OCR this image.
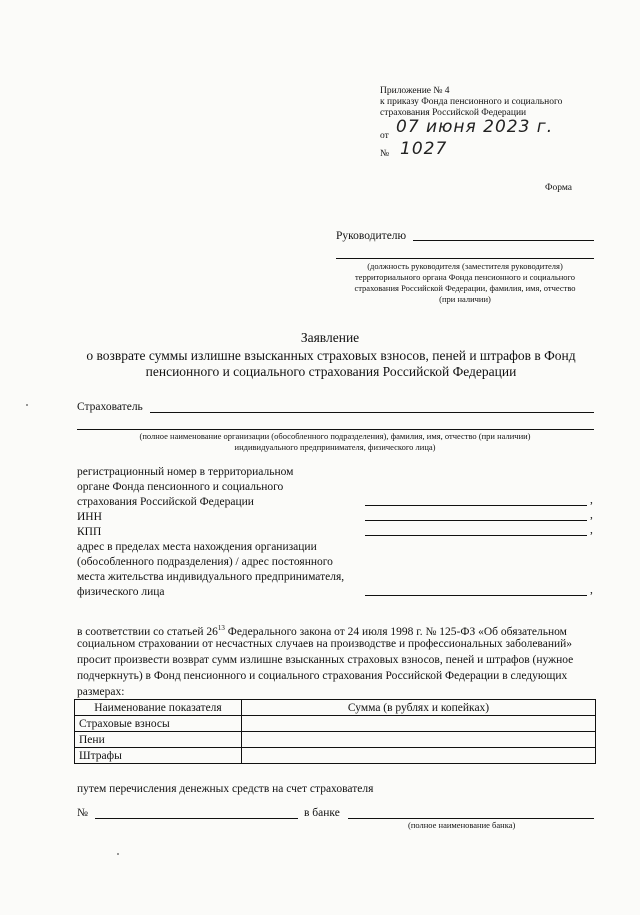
Приложение № 4
к приказу Фонда пенсионного и социального
страхования Российской Федерации
от 07 июня 2023 г.
№ 1027
Форма
Руководителю
(должность руководителя (заместителя руководителя)
территориального органа Фонда пенсионного и социального
страхования Российской Федерации, фамилия, имя, отчество
(при наличии)
Заявление
о возврате суммы излишне взысканных страховых взносов, пеней и штрафов в Фонд
пенсионного и социального страхования Российской Федерации
Страхователь
(полное наименование организации (обособленного подразделения), фамилия, имя, отчество (при наличии)
индивидуального предпринимателя, физического лица)
регистрационный номер в территориальном
органе Фонда пенсионного и социального
страхования Российской Федерации	,
ИНН	,
КПП	,
адрес в пределах места нахождения организации
(обособленного подразделения) / адрес постоянного
места жительства индивидуального предпринимателя,
физического лица	,
в соответствии со статьей $26^{13}$ Федерального закона от 24 июля 1998 г. № 125-ФЗ «Об обязательном
социальном страховании от несчастных случаев на производстве и профессиональных заболеваний»
просит произвести возврат сумм излишне взысканных страховых взносов, пеней и штрафов (нужное
подчеркнуть) в Фонд пенсионного и социального страхования Российской Федерации в следующих
размерах:
Наименование показателя	Сумма (в рублях и копейках)
Страховые взносы	
Пени	
Штрафы	
путем перечисления денежных средств на счет страхователя
№	в банке
(полное наименование банка)
